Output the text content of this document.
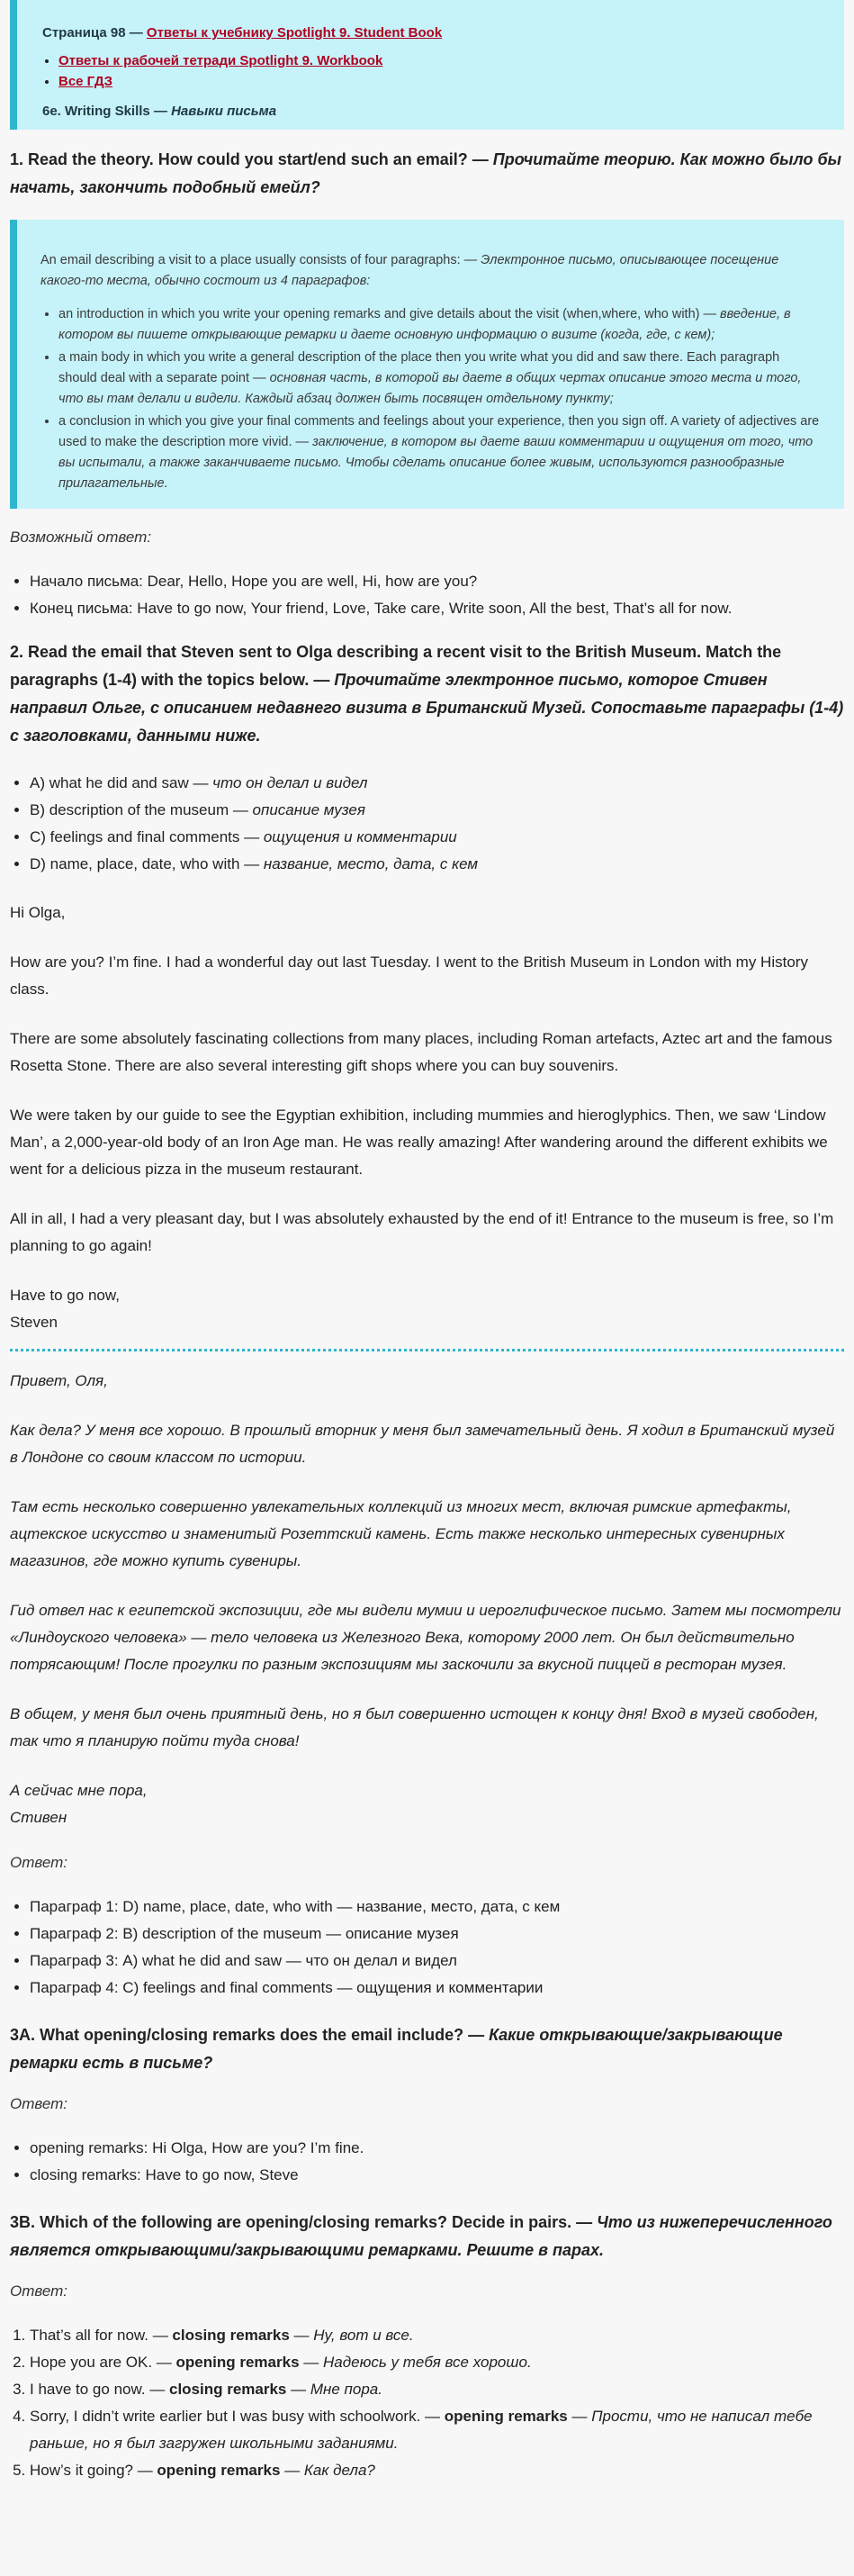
Страница 98 — Ответы к учебнику Spotlight 9. Student Book
• Ответы к рабочей тетради Spotlight 9. Workbook
• Все ГДЗ
6e. Writing Skills — Навыки письма
1. Read the theory. How could you start/end such an email? — Прочитайте теорию. Как можно было бы начать, закончить подобный емейл?

An email describing a visit to a place usually consists of four paragraphs: — Электронное письмо, описывающее посещение какого-то места, обычно состоит из 4 параграфов:

• an introduction in which you write your opening remarks and give details about the visit (when,where, who with) — введение, в котором вы пишете открывающие ремарки и даете основную информацию о визите (когда, где, с кем);
• a main body in which you write a general description of the place then you write what you did and saw there. Each paragraph should deal with a separate point — основная часть, в которой вы даете в общих чертах описание этого места и того, что вы там делали и видели. Каждый абзац должен быть посвящен отдельному пункту;
• a conclusion in which you give your final comments and feelings about your experience, then you sign off. A variety of adjectives are used to make the description more vivid. — заключение, в котором вы даете ваши комментарии и ощущения от того, что вы испытали, а также заканчиваете письмо. Чтобы сделать описание более живым, используются разнообразные прилагательные.

Возможный ответ:

• Начало письма: Dear, Hello, Hope you are well, Hi, how are you?
• Конец письма: Have to go now, Your friend, Love, Take care, Write soon, All the best, That’s all for now.
2. Read the email that Steven sent to Olga describing a recent visit to the British Museum. Match the paragraphs (1-4) with the topics below. — Прочитайте электронное письмо, которое Стивен направил Ольге, с описанием недавнего визита в Британский Музей. Сопоставьте параграфы (1-4) с заголовками, данными ниже.
• A) what he did and saw — что он делал и видел
• B) description of the museum — описание музея
• C) feelings and final comments — ощущения и комментарии
• D) name, place, date, who with — название, место, дата, с кем

Hi Olga,

How are you? I’m fine. I had a wonderful day out last Tuesday. I went to the British Museum in London with my History class.

There are some absolutely fascinating collections from many places, including Roman artefacts, Aztec art and the famous Rosetta Stone. There are also several interesting gift shops where you can buy souvenirs.

We were taken by our guide to see the Egyptian exhibition, including mummies and hieroglyphics. Then, we saw ‘Lindow Man’, a 2,000-year-old body of an Iron Age man. He was really amazing! After wandering around the different exhibits we went for a delicious pizza in the museum restaurant.

All in all, I had a very pleasant day, but I was absolutely exhausted by the end of it! Entrance to the museum is free, so I’m planning to go again!

Have to go now,
Steven

Привет, Оля,

Как дела? У меня все хорошо. В прошлый вторник у меня был замечательный день. Я ходил в Британский музей в Лондоне со своим классом по истории.

Там есть несколько совершенно увлекательных коллекций из многих мест, включая римские артефакты, ацтекское искусство и знаменитый Розеттский камень. Есть также несколько интересных сувенирных магазинов, где можно купить сувениры.

Гид отвел нас к египетской экспозиции, где мы видели мумии и иероглифическое письмо. Затем мы посмотрели «Линдоуского человека» — тело человека из Железного Века, которому 2000 лет. Он был действительно потрясающим! После прогулки по разным экспозициям мы заскочили за вкусной пиццей в ресторан музея.

В общем, у меня был очень приятный день, но я был совершенно истощен к концу дня! Вход в музей свободен, так что я планирую пойти туда снова!

А сейчас мне пора,
Стивен

Ответ:

• Параграф 1: D) name, place, date, who with — название, место, дата, с кем
• Параграф 2: B) description of the museum — описание музея
• Параграф 3: A) what he did and saw — что он делал и видел
• Параграф 4: C) feelings and final comments — ощущения и комментарии
3A. What opening/closing remarks does the email include? — Какие открывающие/закрывающие ремарки есть в письме?

Ответ:

• opening remarks: Hi Olga, How are you? I’m fine.
• closing remarks: Have to go now, Steve
3B. Which of the following are opening/closing remarks? Decide in pairs. — Что из нижеперечисленного является открывающими/закрывающими ремарками. Решите в парах.

Ответ:

1. That’s all for now. — closing remarks — Ну, вот и все.
2. Hope you are OK. — opening remarks — Надеюсь у тебя все хорошо.
3. I have to go now. — closing remarks — Мне пора.
4. Sorry, I didn’t write earlier but I was busy with schoolwork. — opening remarks — Прости, что не написал тебе раньше, но я был загружен школьными заданиями.
5. How’s it going? — opening remarks — Как дела?
